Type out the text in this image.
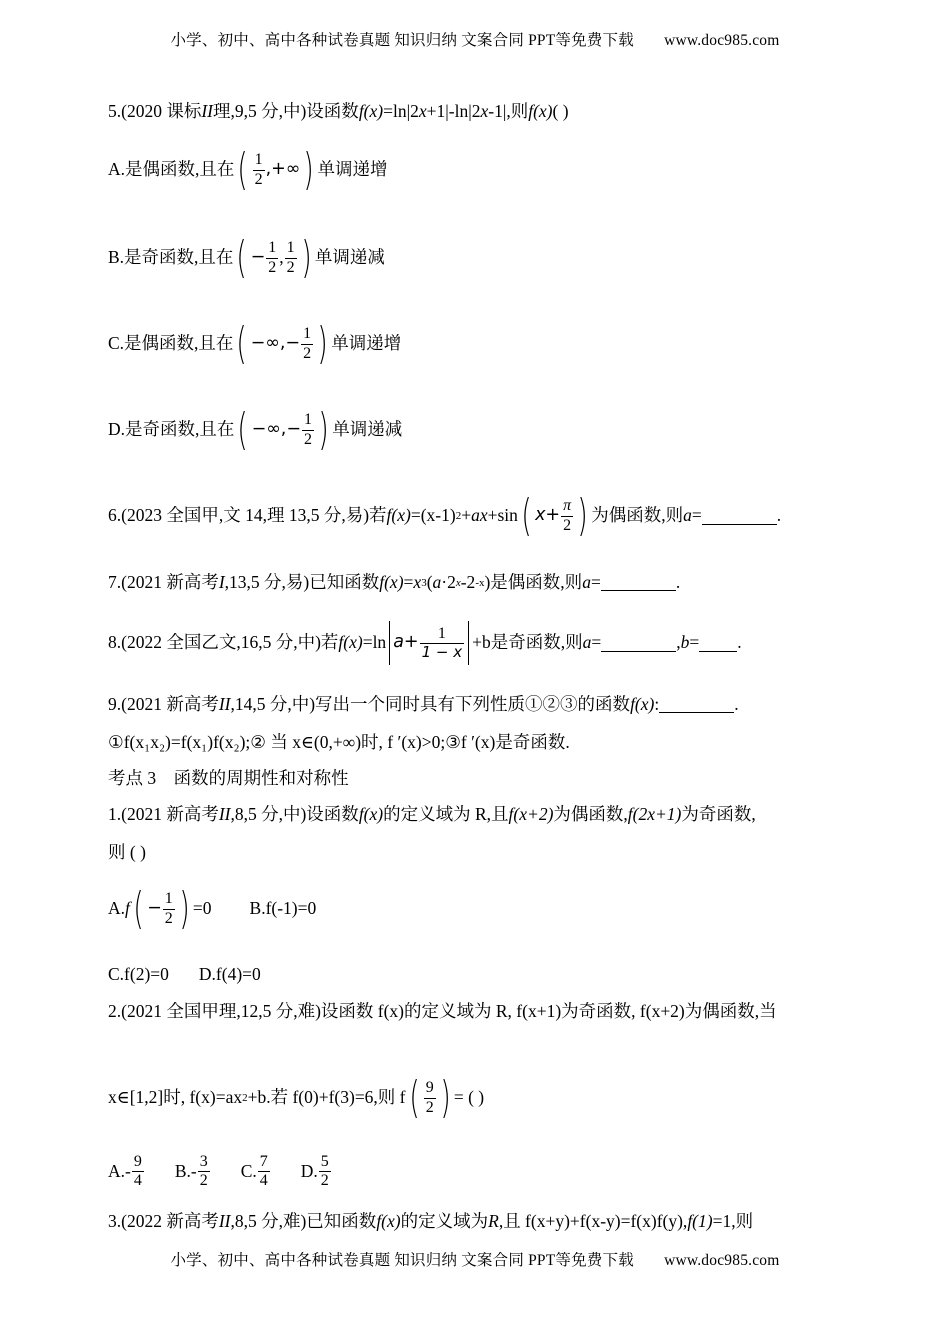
小学、初中、高中各种试卷真题 知识归纳 文案合同 PPT等免费下载 www.doc985.com
5.(2020 课标 II 理,9,5 分,中)设函数 f(x) =ln|2 x +1|-ln|2 x -1|,则 f(x) ( )
A.是偶函数,且在 ( $\frac{1}{2}$ ,+∞ ) 单调递增
B.是奇函数,且在 ( − $\frac{1}{2}$ , $\frac{1}{2}$ ) 单调递减
C.是偶函数,且在 ( −∞,− $\frac{1}{2}$ ) 单调递增
D.是奇函数,且在 ( −∞,− $\frac{1}{2}$ ) 单调递减
6.(2023 全国甲,文 14,理 13,5 分,易)若 f(x) =(x-1) 2 + ax +sin ( $x+ \frac{\pi}{2}$ ) 为偶函数,则 a =	.
7.(2021 新高考 I ,13,5 分,易)已知函数 f(x) = x 3 ( a ·2 x -2 -x )是偶函数,则 a =	.
8.(2022 全国乙文,16,5 分,中)若 f(x) =ln $a + \frac{1}{1 - x} +b$ 是奇函数,则 a =	, b = .
9.(2021 新高考 II ,14,5 分,中)写出一个同时具有下列性质①②③的函数 f(x) :	.
①f(x₁x₂)=f(x₁)f(x₂);② 当 x∈(0,+∞)时, f ′(x)>0;③f ′(x)是奇函数.
考点 3　函数的周期性和对称性
1.(2021 新高考 II ,8,5 分,中)设函数 f(x) 的定义域为 R,且 f(x+2) 为偶函数, f(2x+1) 为奇函数,
则 ( )
A. f ( − $\frac{1}{2}$ ) =0 B.f(-1)=0
C.f(2)=0 D.f(4)=0
2.(2021 全国甲理,12,5 分,难)设函数 f(x)的定义域为 R, f(x+1)为奇函数, f(x+2)为偶函数,当
x∈[1,2]时, f(x)=ax 2 +b.若 f(0)+f(3)=6,则 f ( $\frac{9}{2}$ ) = ( )
$A.- \frac{9}{4} B.- \frac{3}{2} C$. $\frac{7}{4} D$. $\frac{5}{2}$
3.(2022 新高考 II ,8,5 分,难)已知函数 f(x) 的定义域为 R ,且 f(x+y)+f(x-y)=f(x)f(y), f(1) =1,则
小学、初中、高中各种试卷真题 知识归纳 文案合同 PPT等免费下载 www.doc985.com
